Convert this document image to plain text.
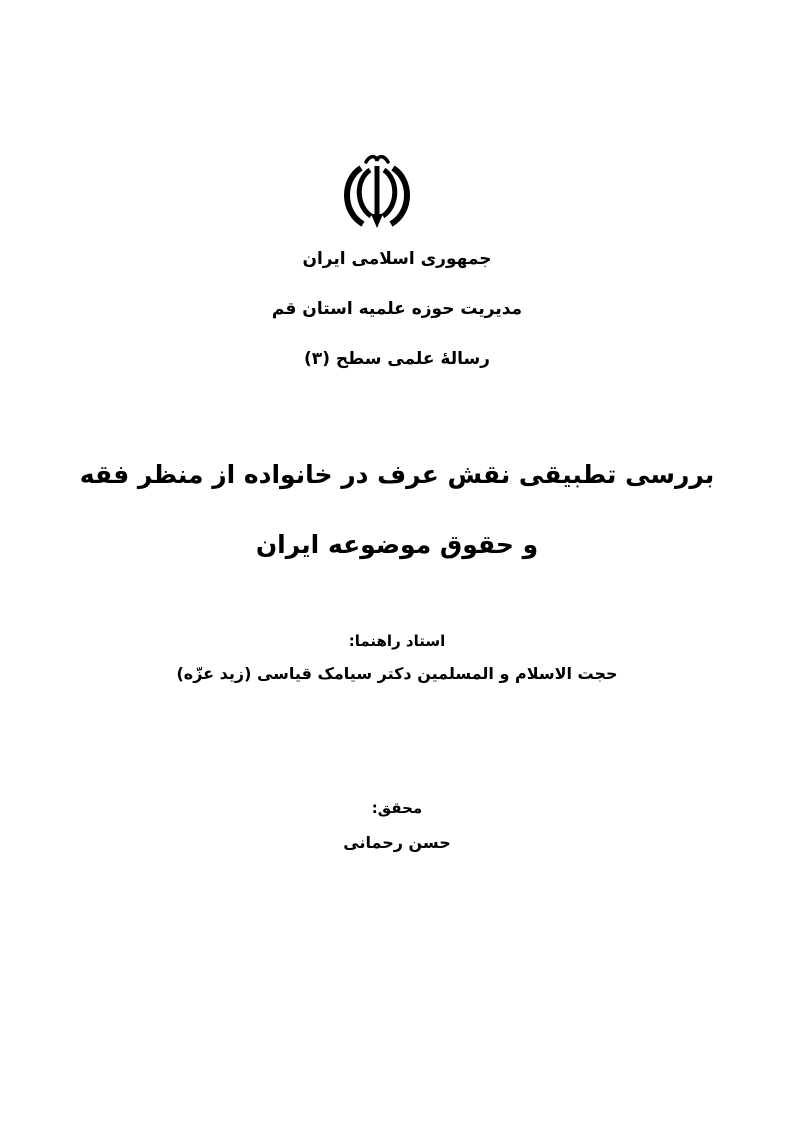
جمهوری اسلامی ایران
مدیریت حوزه علمیه استان قم
رسالهٔ علمی سطح (۳)
بررسی تطبیقی نقش عرف در خانواده از منظر فقه
و حقوق موضوعه ایران
استاد راهنما:
حجت الاسلام و المسلمین دکتر سیامک قیاسی (زید عزّه)
محقق:
حسن رحمانی
